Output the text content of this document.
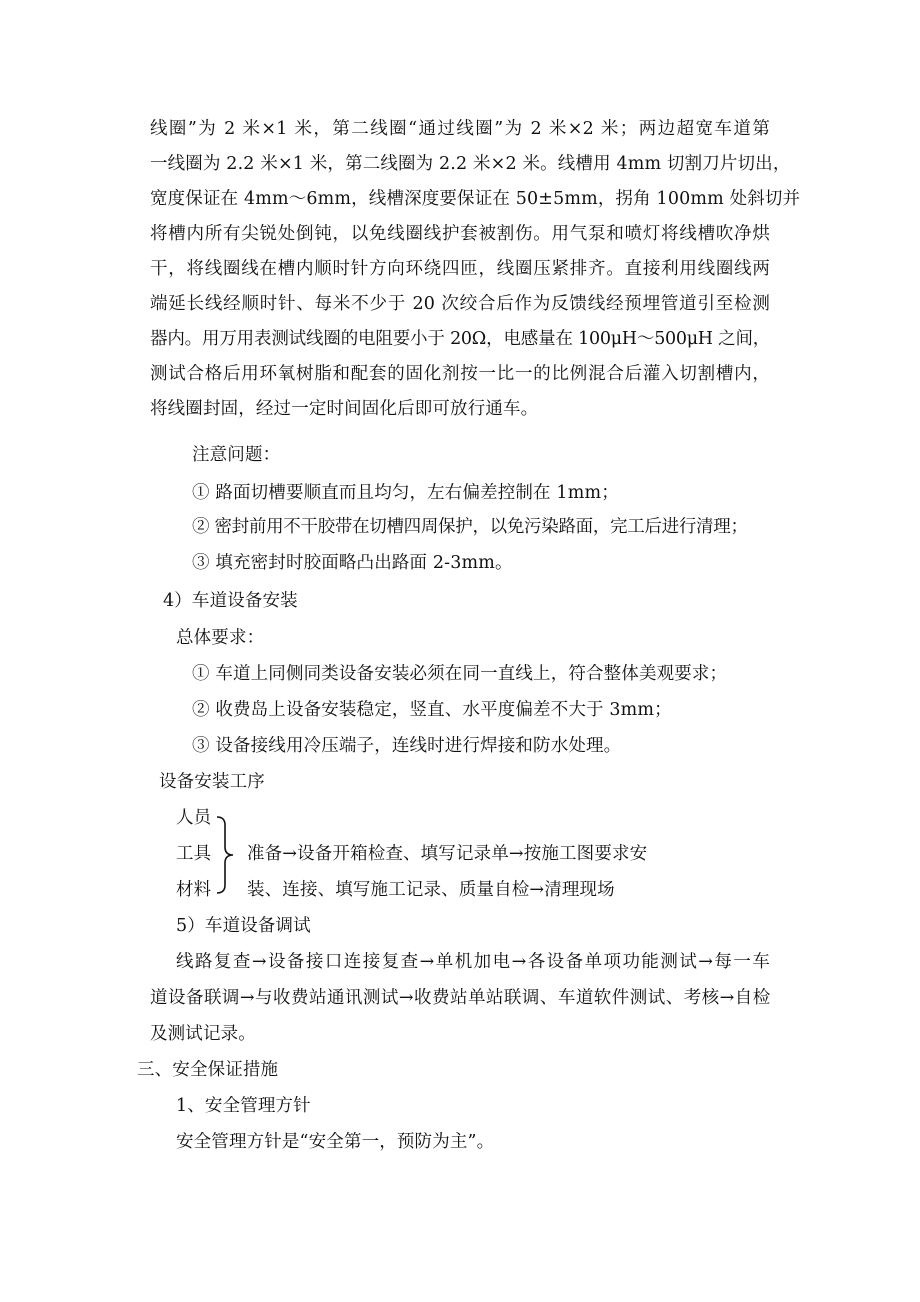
线圈”为 2 米×1 米，第二线圈“通过线圈”为 2 米×2 米；两边超宽车道第
一线圈为 2.2 米×1 米，第二线圈为 2.2 米×2 米。线槽用 4mm 切割刀片切出，
宽度保证在 4mm～6mm，线槽深度要保证在 50±5mm，拐角 100mm 处斜切并
将槽内所有尖锐处倒钝，以免线圈线护套被割伤。用气泵和喷灯将线槽吹净烘
干，将线圈线在槽内顺时针方向环绕四匝，线圈压紧排齐。直接利用线圈线两
端延长线经顺时针、每米不少于 20 次绞合后作为反馈线经预埋管道引至检测
器内。用万用表测试线圈的电阻要小于 20Ω，电感量在 100μH～500μH 之间，
测试合格后用环氧树脂和配套的固化剂按一比一的比例混合后灌入切割槽内，
将线圈封固，经过一定时间固化后即可放行通车。
注意问题：
① 路面切槽要顺直而且均匀，左右偏差控制在 1mm；
② 密封前用不干胶带在切槽四周保护，以免污染路面，完工后进行清理；
③ 填充密封时胶面略凸出路面 2-3mm。
4）车道设备安装
总体要求：
① 车道上同侧同类设备安装必须在同一直线上，符合整体美观要求；
② 收费岛上设备安装稳定，竖直、水平度偏差不大于 3mm；
③ 设备接线用冷压端子，连线时进行焊接和防水处理。
设备安装工序
人员
工具
材料
准备→设备开箱检查、填写记录单→按施工图要求安
装、连接、填写施工记录、质量自检→清理现场
5）车道设备调试
线路复查→设备接口连接复查→单机加电→各设备单项功能测试→每一车
道设备联调→与收费站通讯测试→收费站单站联调、车道软件测试、考核→自检
及测试记录。
三、安全保证措施
1、安全管理方针
安全管理方针是“安全第一，预防为主”。
